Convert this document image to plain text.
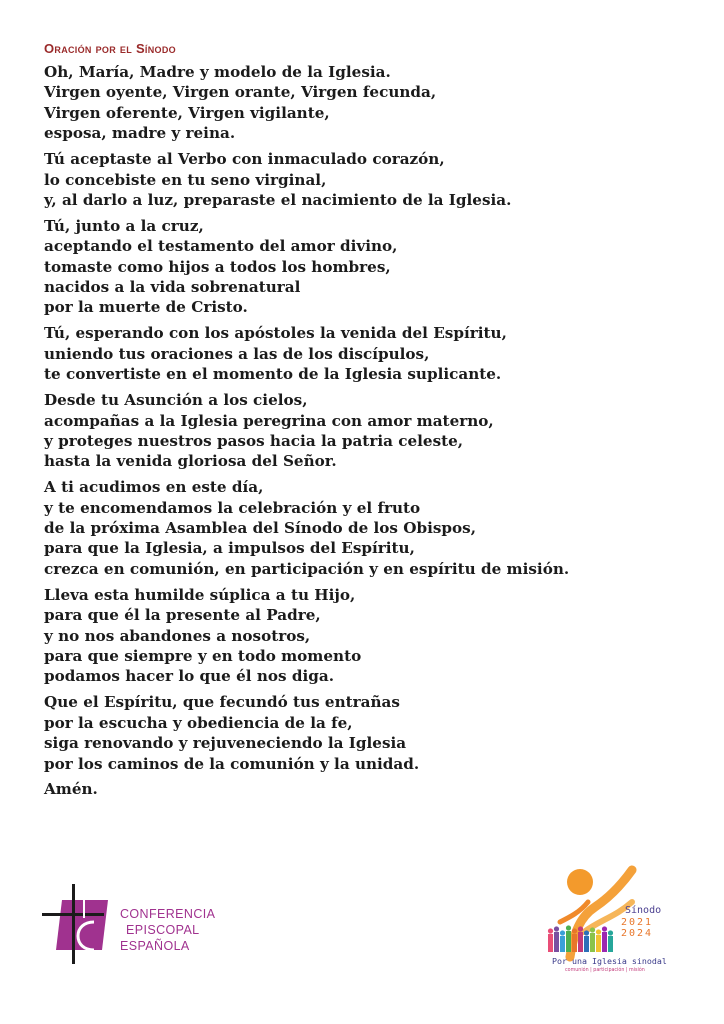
Oración por el Sínodo
Oh, María, Madre y modelo de la Iglesia.
Virgen oyente, Virgen orante, Virgen fecunda,
Virgen oferente, Virgen vigilante,
esposa, madre y reina.
Tú aceptaste al Verbo con inmaculado corazón,
lo concebiste en tu seno virginal,
y, al darlo a luz, preparaste el nacimiento de la Iglesia.
Tú, junto a la cruz,
aceptando el testamento del amor divino,
tomaste como hijos a todos los hombres,
nacidos a la vida sobrenatural
por la muerte de Cristo.
Tú, esperando con los apóstoles la venida del Espíritu,
uniendo tus oraciones a las de los discípulos,
te convertiste en el momento de la Iglesia suplicante.
Desde tu Asunción a los cielos,
acompañas a la Iglesia peregrina con amor materno,
y proteges nuestros pasos hacia la patria celeste,
hasta la venida gloriosa del Señor.
A ti acudimos en este día,
y te encomendamos la celebración y el fruto
de la próxima Asamblea del Sínodo de los Obispos,
para que la Iglesia, a impulsos del Espíritu,
crezca en comunión, en participación y en espíritu de misión.
Lleva esta humilde súplica a tu Hijo,
para que él la presente al Padre,
y no nos abandones a nosotros,
para que siempre y en todo momento
podamos hacer lo que él nos diga.
Que el Espíritu, que fecundó tus entrañas
por la escucha y obediencia de la fe,
siga renovando y rejuveneciendo la Iglesia
por los caminos de la comunión y la unidad.
Amén.
CONFERENCIA
EPISCOPAL
ESPAÑOLA
Sínodo
2021
2024
Por una Iglesia sinodal
comunión | participación | misión
